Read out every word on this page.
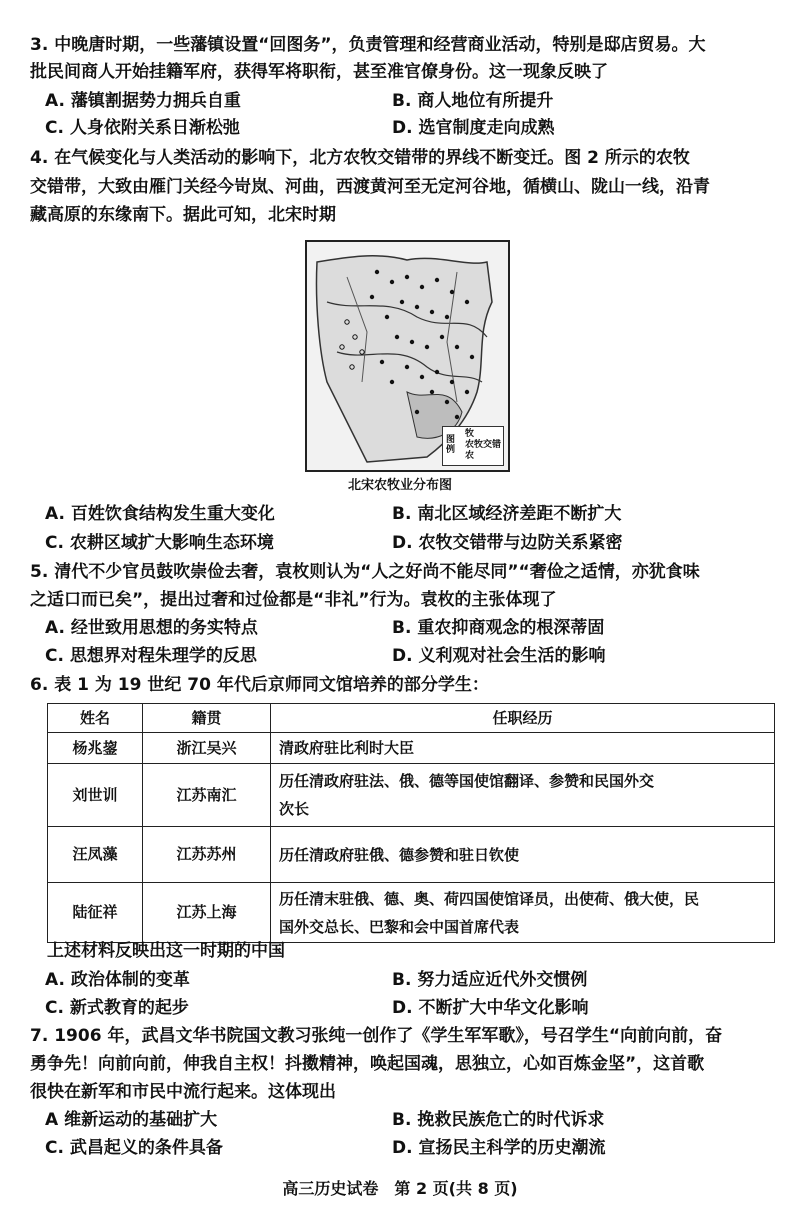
3. 中晚唐时期，一些藩镇设置“回图务”，负责管理和经营商业活动，特别是邸店贸易。大
批民间商人开始挂籍军府，获得军将职衔，甚至准官僚身份。这一现象反映了
A. 藩镇割据势力拥兵自重	B. 商人地位有所提升
C. 人身依附关系日渐松弛	D. 选官制度走向成熟
4. 在气候变化与人类活动的影响下，北方农牧交错带的界线不断变迁。图 2 所示的农牧
交错带，大致由雁门关经今岢岚、河曲，西渡黄河至无定河谷地，循横山、陇山一线，沿青
藏高原的东缘南下。据此可知，北宋时期
图例
牧
农牧交错
农
北宋农牧业分布图
A. 百姓饮食结构发生重大变化	B. 南北区域经济差距不断扩大
C. 农耕区域扩大影响生态环境	D. 农牧交错带与边防关系紧密
5. 清代不少官员鼓吹崇俭去奢，袁枚则认为“人之好尚不能尽同”“奢俭之适情，亦犹食味
之适口而已矣”，提出过奢和过俭都是“非礼”行为。袁枚的主张体现了
A. 经世致用思想的务实特点	B. 重农抑商观念的根深蒂固
C. 思想界对程朱理学的反思	D. 义利观对社会生活的影响
6. 表 1 为 19 世纪 70 年代后京师同文馆培养的部分学生：
姓名	籍贯	任职经历
杨兆鋆	浙江吴兴	清政府驻比利时大臣

刘世训	江苏南汇	历任清政府驻法、俄、德等国使馆翻译、参赞和民国外交
次长

汪凤藻	江苏苏州	历任清政府驻俄、德参赞和驻日钦使

陆征祥	江苏上海	历任清末驻俄、德、奥、荷四国使馆译员，出使荷、俄大使，民
国外交总长、巴黎和会中国首席代表
上述材料反映出这一时期的中国
A. 政治体制的变革	B. 努力适应近代外交惯例
C. 新式教育的起步	D. 不断扩大中华文化影响
7. 1906 年，武昌文华书院国文教习张纯一创作了《学生军军歌》，号召学生“向前向前，奋
勇争先！向前向前，伸我自主权！抖擞精神，唤起国魂，思独立，心如百炼金坚”，这首歌
很快在新军和市民中流行起来。这体现出
A 维新运动的基础扩大	B. 挽救民族危亡的时代诉求
C. 武昌起义的条件具备	D. 宣扬民主科学的历史潮流
高三历史试卷　第 2 页(共 8 页)
